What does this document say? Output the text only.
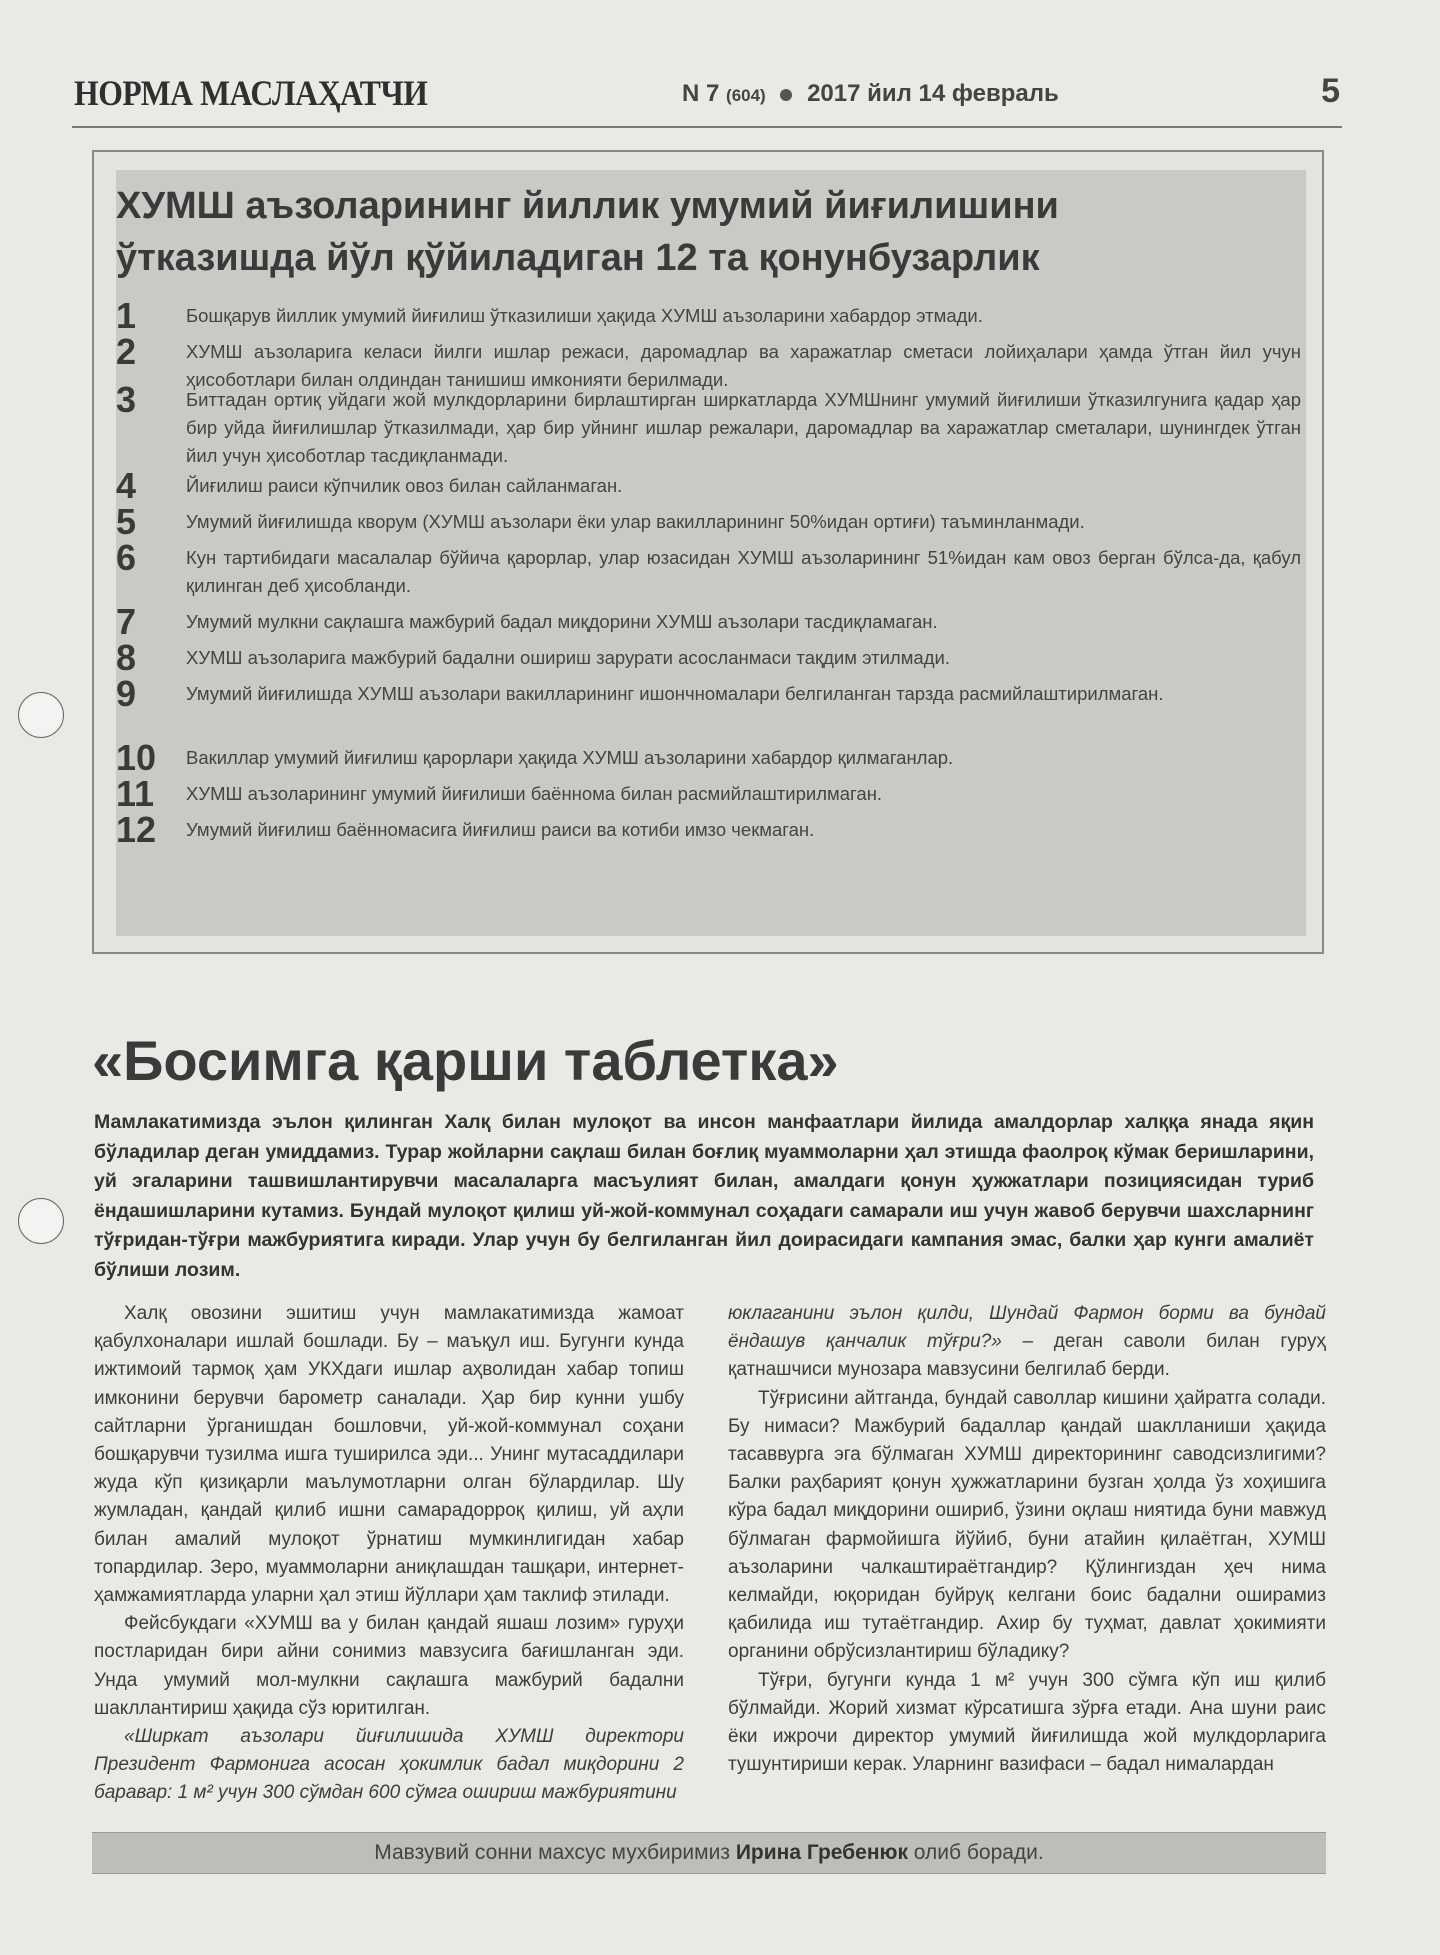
НОРМА МАСЛАҲАТЧИ	N 7 (604) 2017 йил 14 февраль	5
ХУМШ аъзоларининг йиллик умумий йиғилишини
ўтказишда йўл қўйиладиган 12 та қонунбузарлик
1	Бошқарув йиллик умумий йиғилиш ўтказилиши ҳақида ХУМШ аъзоларини хабардор этмади.
2	ХУМШ аъзоларига келаси йилги ишлар режаси, даромадлар ва харажатлар сметаси лойиҳалари ҳамда ўтган йил учун ҳисоботлари билан олдиндан танишиш имконияти берилмади.
3	Биттадан ортиқ уйдаги жой мулкдорларини бирлаштирган ширкатларда ХУМШнинг умумий йиғилиши ўтказилгунига қадар ҳар бир уйда йиғилишлар ўтказилмади, ҳар бир уйнинг ишлар режалари, даромадлар ва харажатлар сметалари, шунингдек ўтган йил учун ҳисоботлар тасдиқланмади.
4	Йиғилиш раиси кўпчилик овоз билан сайланмаган.
5	Умумий йиғилишда кворум (ХУМШ аъзолари ёки улар вакилларининг 50%идан ортиғи) таъминланмади.
6	Кун тартибидаги масалалар бўйича қарорлар, улар юзасидан ХУМШ аъзоларининг 51%идан кам овоз берган бўлса-да, қабул қилинган деб ҳисобланди.
7	Умумий мулкни сақлашга мажбурий бадал миқдорини ХУМШ аъзолари тасдиқламаган.
8	ХУМШ аъзоларига мажбурий бадални ошириш зарурати асосланмаси тақдим этилмади.
9	Умумий йиғилишда ХУМШ аъзолари вакилларининг ишончномалари белгиланган тарзда расмийлаштирилмаган.
10 Вакиллар умумий йиғилиш қарорлари ҳақида ХУМШ аъзоларини хабардор қилмаганлар.
11 ХУМШ аъзоларининг умумий йиғилиши баённома билан расмийлаштирилмаган.
12 Умумий йиғилиш баённомасига йиғилиш раиси ва котиби имзо чекмаган.
«Босимга қарши таблетка»
Мамлакатимизда эълон қилинган Халқ билан мулоқот ва инсон манфаатлари йилида амалдорлар халққа янада яқин бўладилар деган умиддамиз. Турар жойларни сақлаш билан боғлиқ муаммоларни ҳал этишда фаолроқ кўмак беришларини, уй эгаларини ташвишлантирувчи масалаларга масъулият билан, амалдаги қонун ҳужжатлари позициясидан туриб ёндашишларини кутамиз. Бундай мулоқот қилиш уй-жой-коммунал соҳадаги самарали иш учун жавоб берувчи шахсларнинг тўғридан-тўғри мажбуриятига киради. Улар учун бу белгиланган йил доирасидаги кампания эмас, балки ҳар кунги амалиёт бўлиши лозим.

Халқ овозини эшитиш учун мамлакатимизда жамоат қабулхоналари ишлай бошлади. Бу – маъқул иш. Бугунги кунда ижтимоий тармоқ ҳам УКХдаги ишлар аҳволидан хабар топиш имконини берувчи барометр саналади. Ҳар бир кунни ушбу сайтларни ўрганишдан бошловчи, уй-жой-коммунал соҳани бошқарувчи тузилма ишга туширилса эди... Унинг мутасаддилари жуда кўп қизиқарли маълумотларни олган бўлардилар. Шу жумладан, қандай қилиб ишни самарадорроқ қилиш, уй аҳли билан амалий мулоқот ўрнатиш мумкинлигидан хабар топардилар. Зеро, муаммоларни аниқлашдан ташқари, интернет-ҳамжамиятларда уларни ҳал этиш йўллари ҳам таклиф этилади.

Фейсбукдаги «ХУМШ ва у билан қандай яшаш лозим» гуруҳи постларидан бири айни сонимиз мавзусига бағишланган эди. Унда умумий мол-мулкни сақлашга мажбурий бадални шакллантириш ҳақида сўз юритилган.

«Ширкат аъзолари йиғилишида ХУМШ директори Президент Фармонига асосан ҳокимлик бадал миқдорини 2 баравар: 1 м² учун 300 сўмдан 600 сўмга ошириш мажбуриятини

юклаганини эълон қилди, Шундай Фармон борми ва бундай ёндашув қанчалик тўғри?» – деган саволи билан гуруҳ қатнашчиси мунозара мавзусини белгилаб берди.

Тўғрисини айтганда, бундай саволлар кишини ҳайратга солади. Бу нимаси? Мажбурий бадаллар қандай шаклланиши ҳақида тасаввурга эга бўлмаган ХУМШ директорининг саводсизлигими? Балки раҳбарият қонун ҳужжатларини бузган ҳолда ўз хоҳишига кўра бадал миқдорини ошириб, ўзини оқлаш ниятида буни мавжуд бўлмаган фармойишга йўйиб, буни атайин қилаётган, ХУМШ аъзоларини чалкаштираётгандир? Қўлингиздан ҳеч нима келмайди, юқоридан буйруқ келгани боис бадални оширамиз қабилида иш тутаётгандир. Ахир бу туҳмат, давлат ҳокимияти органини обрўсизлантириш бўладику?

Тўғри, бугунги кунда 1 м² учун 300 сўмга кўп иш қилиб бўлмайди. Жорий хизмат кўрсатишга зўрға етади. Ана шуни раис ёки ижрочи директор умумий йиғилишда жой мулкдорларига тушунтириши керак. Уларнинг вазифаси – бадал нималардан

Мавзувий сонни махсус мухбиримиз Ирина Гребенюк олиб боради.
